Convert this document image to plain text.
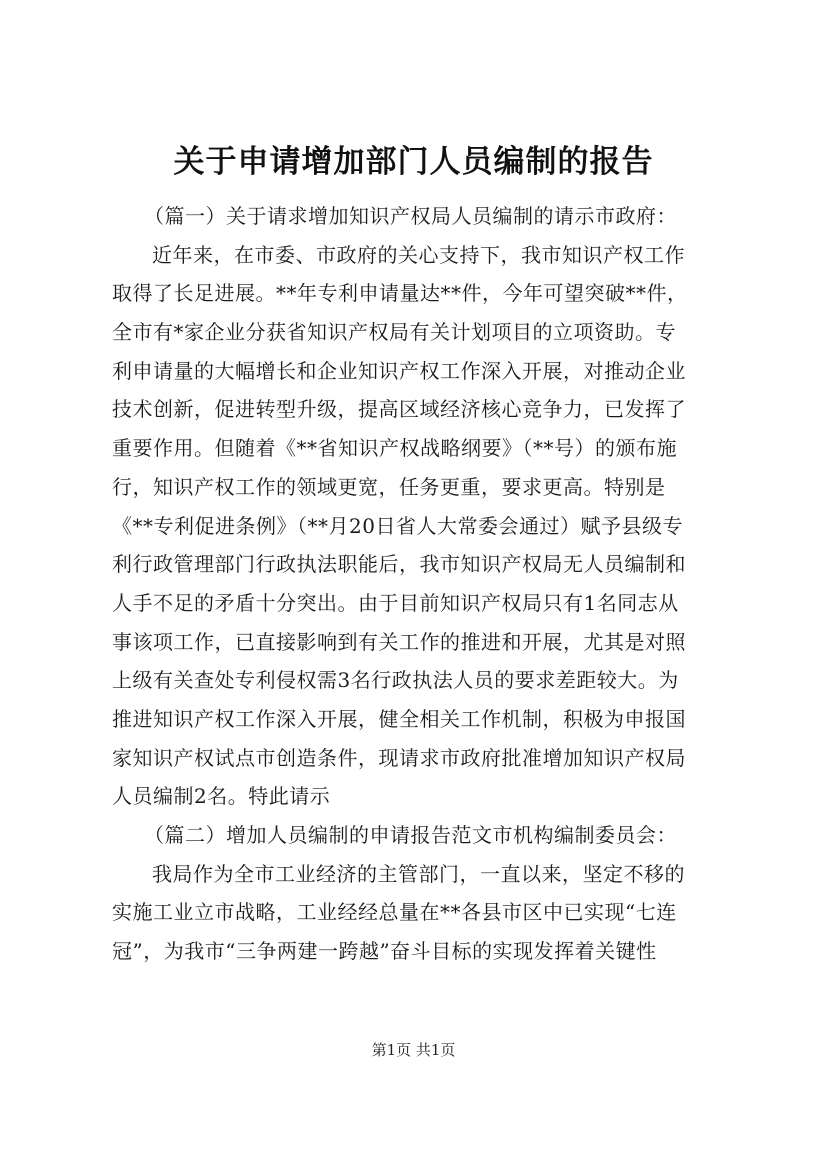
关于申请增加部门人员编制的报告
（篇一）关于请求增加知识产权局人员编制的请示市政府：
近年来，在市委、市政府的关心支持下，我市知识产权工作
取得了长足进展。**年专利申请量达**件，今年可望突破**件，
全市有*家企业分获省知识产权局有关计划项目的立项资助。专
利申请量的大幅增长和企业知识产权工作深入开展，对推动企业
技术创新，促进转型升级，提高区域经济核心竞争力，已发挥了
重要作用。但随着《**省知识产权战略纲要》（**号）的颁布施
行，知识产权工作的领域更宽，任务更重，要求更高。特别是
《**专利促进条例》（**月20日省人大常委会通过）赋予县级专
利行政管理部门行政执法职能后，我市知识产权局无人员编制和
人手不足的矛盾十分突出。由于目前知识产权局只有1名同志从
事该项工作，已直接影响到有关工作的推进和开展，尤其是对照
上级有关查处专利侵权需3名行政执法人员的要求差距较大。为
推进知识产权工作深入开展，健全相关工作机制，积极为申报国
家知识产权试点市创造条件，现请求市政府批准增加知识产权局
人员编制2名。特此请示
（篇二）增加人员编制的申请报告范文市机构编制委员会：
我局作为全市工业经济的主管部门，一直以来，坚定不移的
实施工业立市战略，工业经经总量在**各县市区中已实现“七连
冠”，为我市“三争两建一跨越”奋斗目标的实现发挥着关键性
第1页 共1页
